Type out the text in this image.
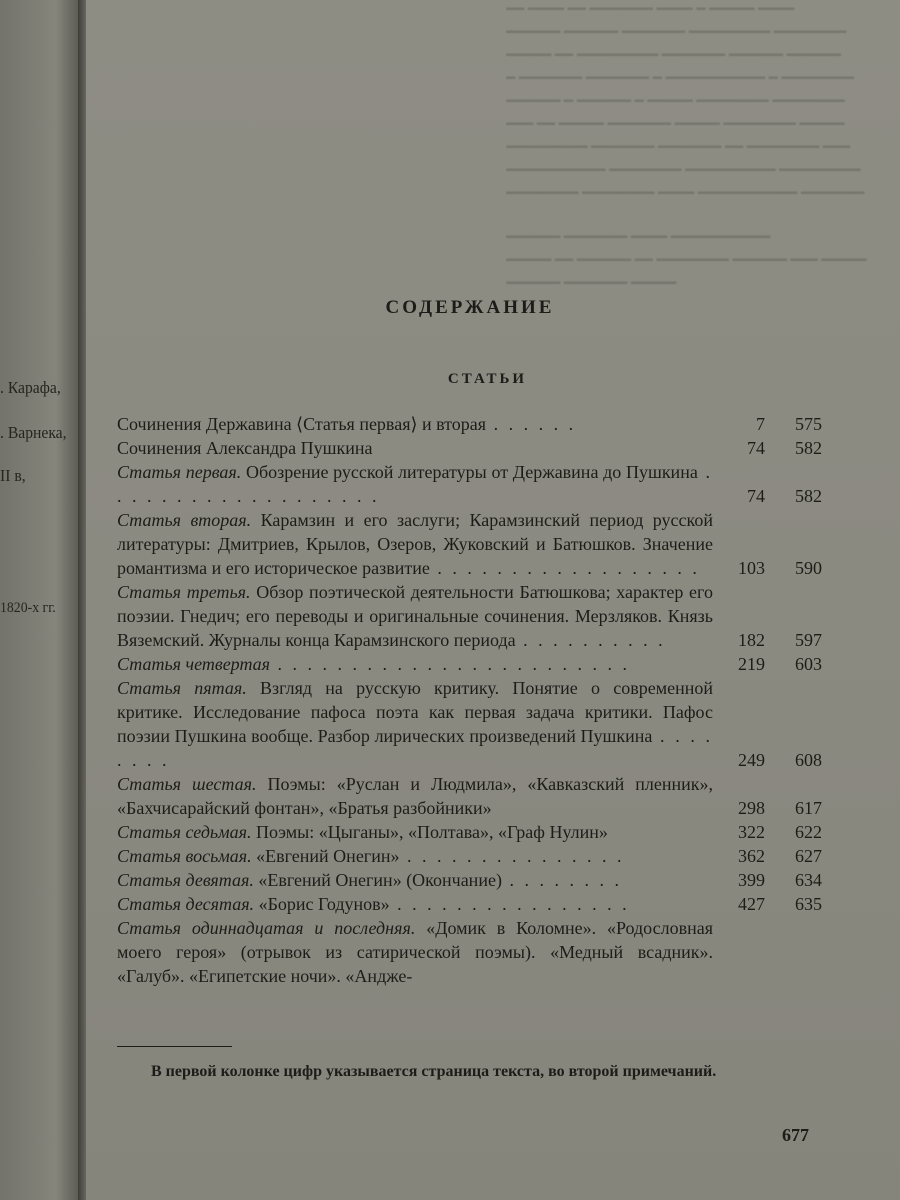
. Карафа,
. Варнека,
II в,
1820-х гг.
━━ ━━━━ ━━ ━━━━━━━ ━━━━ ━ ━━━━━ ━━━━
━━━━━━ ━━━━━━ ━━━━━━━ ━━━━━━━━━ ━━━━━━━━
━━━━━ ━━ ━━━━━━━━━ ━━━━━━━ ━━━━━━ ━━━━━━
━ ━━━━━━━ ━━━━━━━ ━ ━━━━━━━━━━━ ━ ━━━━━━━━
━━━━━━ ━ ━━━━━━ ━ ━━━━━ ━━━━━━━━ ━━━━━━━━
━━━ ━━ ━━━━━ ━━━━━━━ ━━━━━ ━━━━━━━━ ━━━━━
━━━━━━━━━ ━━━━━━━ ━━━━━━━ ━━ ━━━━━━━━ ━━━
━━━━━━━━━━━ ━━━━━━━━ ━━━━━━━━━━ ━━━━━━━━━
━━━━━━━━ ━━━━━━━━ ━━━━ ━━━━━━━━━━━ ━━━━━━━

━━━━━━ ━━━━━━━ ━━━━ ━━━━━━━━━━━
━━━━━ ━━ ━━━━━━ ━━ ━━━━━━━━ ━━━━━━ ━━━ ━━━━━
━━━━━━ ━━━━━━━ ━━━━━
СОДЕРЖАНИЕ
СТАТЬИ
Сочинения Державина ⟨Статья первая⟩ и вторая . . . . . .	7	575
Сочинения Александра Пушкина	74	582
Статья первая. Обозрение русской литературы от Державина до Пушкина . . . . . . . . . . . . . . . . . . .	74	582
Статья вторая. Карамзин и его заслуги; Карамзинский период русской литературы: Дмитриев, Крылов, Озеров, Жуковский и Батюшков. Значение романтизма и его историческое развитие . . . . . . . . . . . . . . . . . .	103	590
Статья третья. Обзор поэтической деятельности Батюшкова; характер его поэзии. Гнедич; его переводы и оригинальные сочинения. Мерзляков. Князь Вяземский. Журналы конца Карамзинского периода . . . . . . . . . .	182	597
Статья четвертая . . . . . . . . . . . . . . . . . . . . . . . .	219	603
Статья пятая. Взгляд на русскую критику. Понятие о современной критике. Исследование пафоса поэта как первая задача критики. Пафос поэзии Пушкина вообще. Разбор лирических произведений Пушкина . . . . . . . .	249	608
Статья шестая. Поэмы: «Руслан и Людмила», «Кавказский пленник», «Бахчисарайский фонтан», «Братья разбойники»	298	617
Статья седьмая. Поэмы: «Цыганы», «Полтава», «Граф Нулин»	322	622
Статья восьмая. «Евгений Онегин» . . . . . . . . . . . . . . .	362	627
Статья девятая. «Евгений Онегин» (Окончание) . . . . . . . .	399	634
Статья десятая. «Борис Годунов» . . . . . . . . . . . . . . . .	427	635
Статья одиннадцатая и последняя. «Домик в Коломне». «Родословная моего героя» (отрывок из сатирической поэмы). «Медный всадник». «Галуб». «Египетские ночи». «Андже-
В первой колонке цифр указывается страница текста, во второй примечаний.
677
